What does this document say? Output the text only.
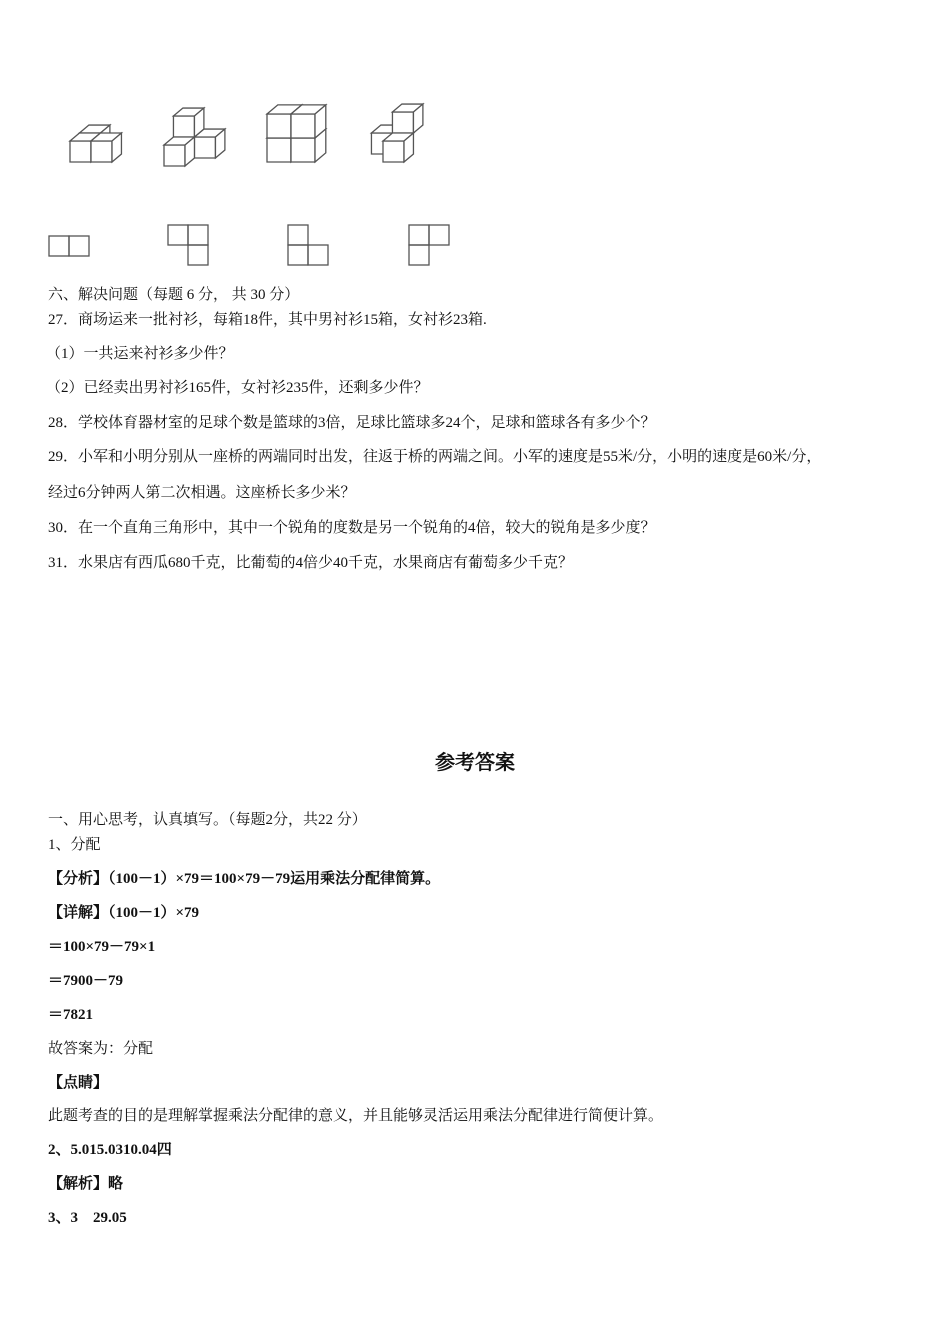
六、解决问题（每题 6 分， 共 30 分）
27．商场运来一批衬衫，每箱18件，其中男衬衫15箱，女衬衫23箱.
（1）一共运来衬衫多少件？
（2）已经卖出男衬衫165件，女衬衫235件，还剩多少件？
28．学校体育器材室的足球个数是篮球的3倍，足球比篮球多24个，足球和篮球各有多少个？
29．小军和小明分别从一座桥的两端同时出发，往返于桥的两端之间。小军的速度是55米/分，小明的速度是60米/分，
经过6分钟两人第二次相遇。这座桥长多少米？
30．在一个直角三角形中，其中一个锐角的度数是另一个锐角的4倍，较大的锐角是多少度？
31．水果店有西瓜680千克，比葡萄的4倍少40千克，水果商店有葡萄多少千克？
参考答案
一、用心思考，认真填写。（每题2分，共22 分）
1、分配
【分析】（100－1）×79＝100×79－79运用乘法分配律简算。
【详解】（100－1）×79
＝100×79－79×1
＝7900－79
＝7821
故答案为：分配
【点睛】
此题考查的目的是理解掌握乘法分配律的意义，并且能够灵活运用乘法分配律进行简便计算。
2、5.015.0310.04四
【解析】略
3、3　29.05
